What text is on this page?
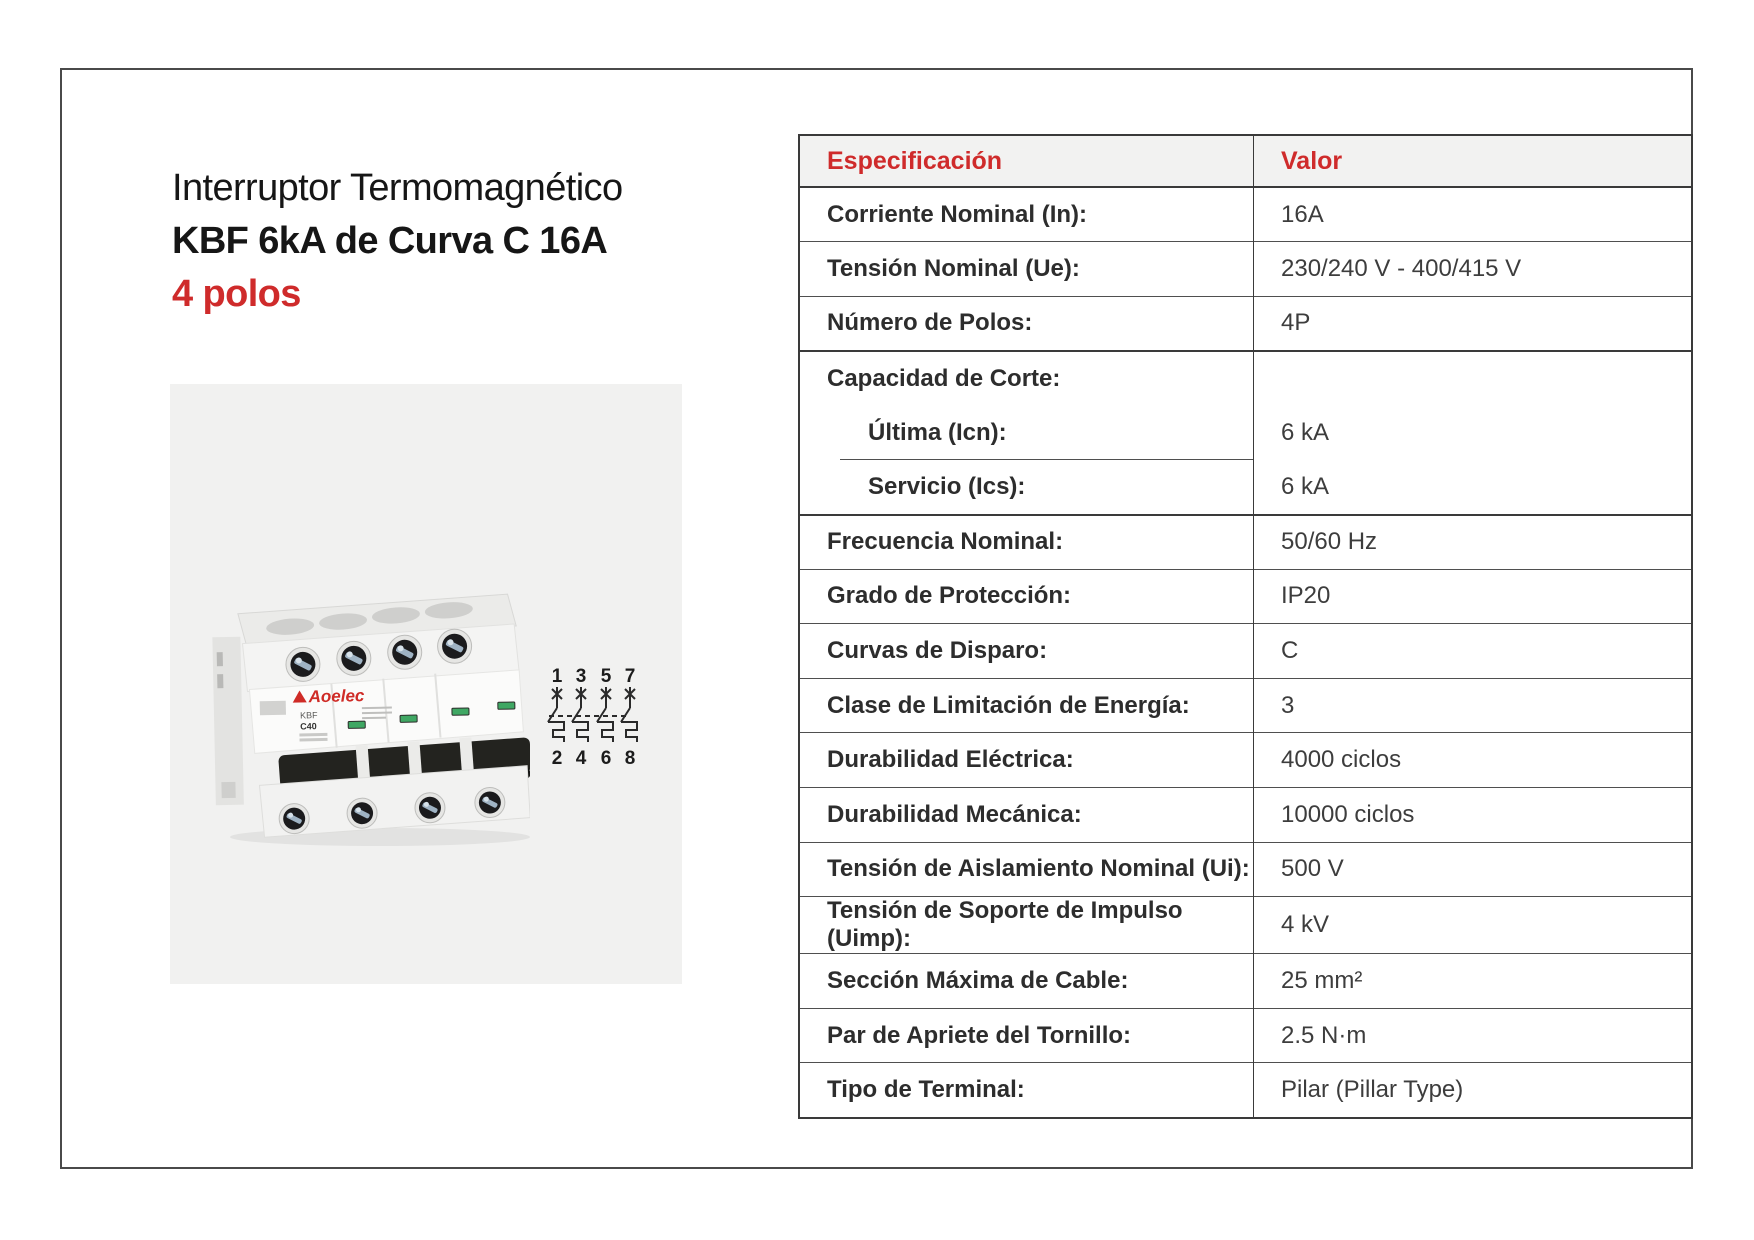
Interruptor Termomagnético
KBF 6kA de Curva C 16A
4 polos
Aoelec
KBF
C40
1 3 5 7
2 4 6 8
Especificación	Valor
Corriente Nominal (In):	16A
Tensión Nominal (Ue):	230/240 V - 400/415 V
Número de Polos:	4P
Capacidad de Corte:	
Última (Icn):	6 kA
Servicio (Ics):	6 kA
Frecuencia Nominal:	50/60 Hz
Grado de Protección:	IP20
Curvas de Disparo:	C
Clase de Limitación de Energía:	3
Durabilidad Eléctrica:	4000 ciclos
Durabilidad Mecánica:	10000 ciclos
Tensión de Aislamiento Nominal (Ui):	500 V
Tensión de Soporte de Impulso (Uimp):	4 kV
Sección Máxima de Cable:	25 mm²
Par de Apriete del Tornillo:	2.5 N·m
Tipo de Terminal:	Pilar (Pillar Type)
